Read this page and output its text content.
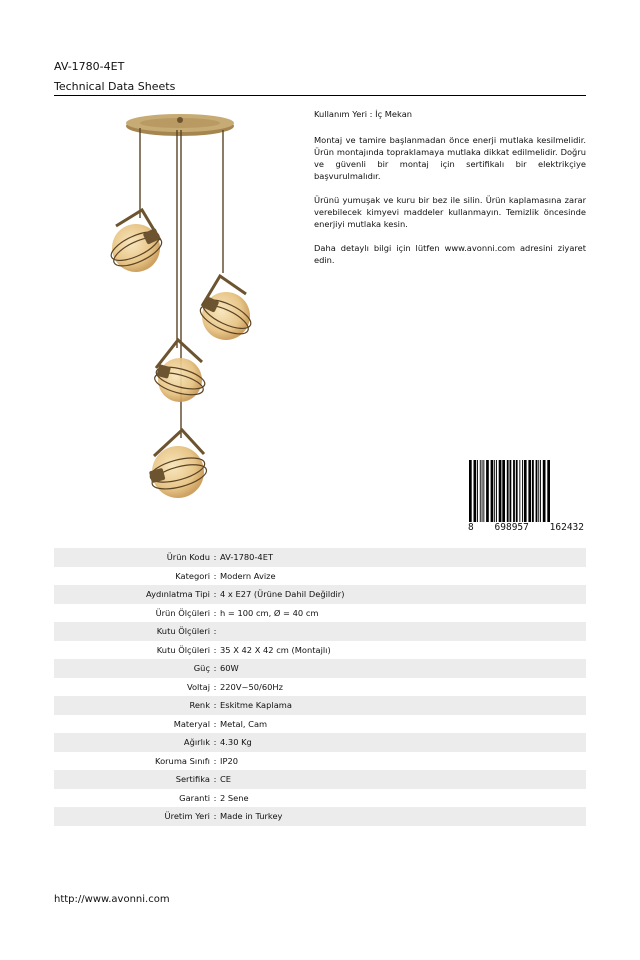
AV-1780-4ET
Technical Data Sheets

Kullanım Yeri : İç Mekan

Montaj ve tamire başlanmadan önce enerji mutlaka kesilmelidir. Ürün montajında topraklamaya mutlaka dikkat edilmelidir. Doğru ve güvenli bir montaj için sertifikalı bir elektrikçiye başvurulmalıdır.

Ürünü yumuşak ve kuru bir bez ile silin. Ürün kaplamasına zarar verebilecek kimyevi maddeler kullanmayın. Temizlik öncesinde enerjiyi mutlaka kesin.

Daha detaylı bilgi için lütfen www.avonni.com adresini ziyaret edin.

8 698957 162432
Ürün Kodu : AV-1780-4ET
Kategori : Modern Avize
Aydınlatma Tipi : 4 x E27 (Ürüne Dahil Değildir)
Ürün Ölçüleri : h = 100 cm, Ø = 40 cm
Kutu Ölçüleri :
Kutu Ölçüleri : 35 X 42 X 42 cm (Montajlı)
Güç : 60W
Voltaj : 220V~50/60Hz
Renk : Eskitme Kaplama
Materyal : Metal, Cam
Ağırlık : 4.30 Kg
Koruma Sınıfı : IP20
Sertifika : CE
Garanti : 2 Sene
Üretim Yeri : Made in Turkey
http://www.avonni.com
